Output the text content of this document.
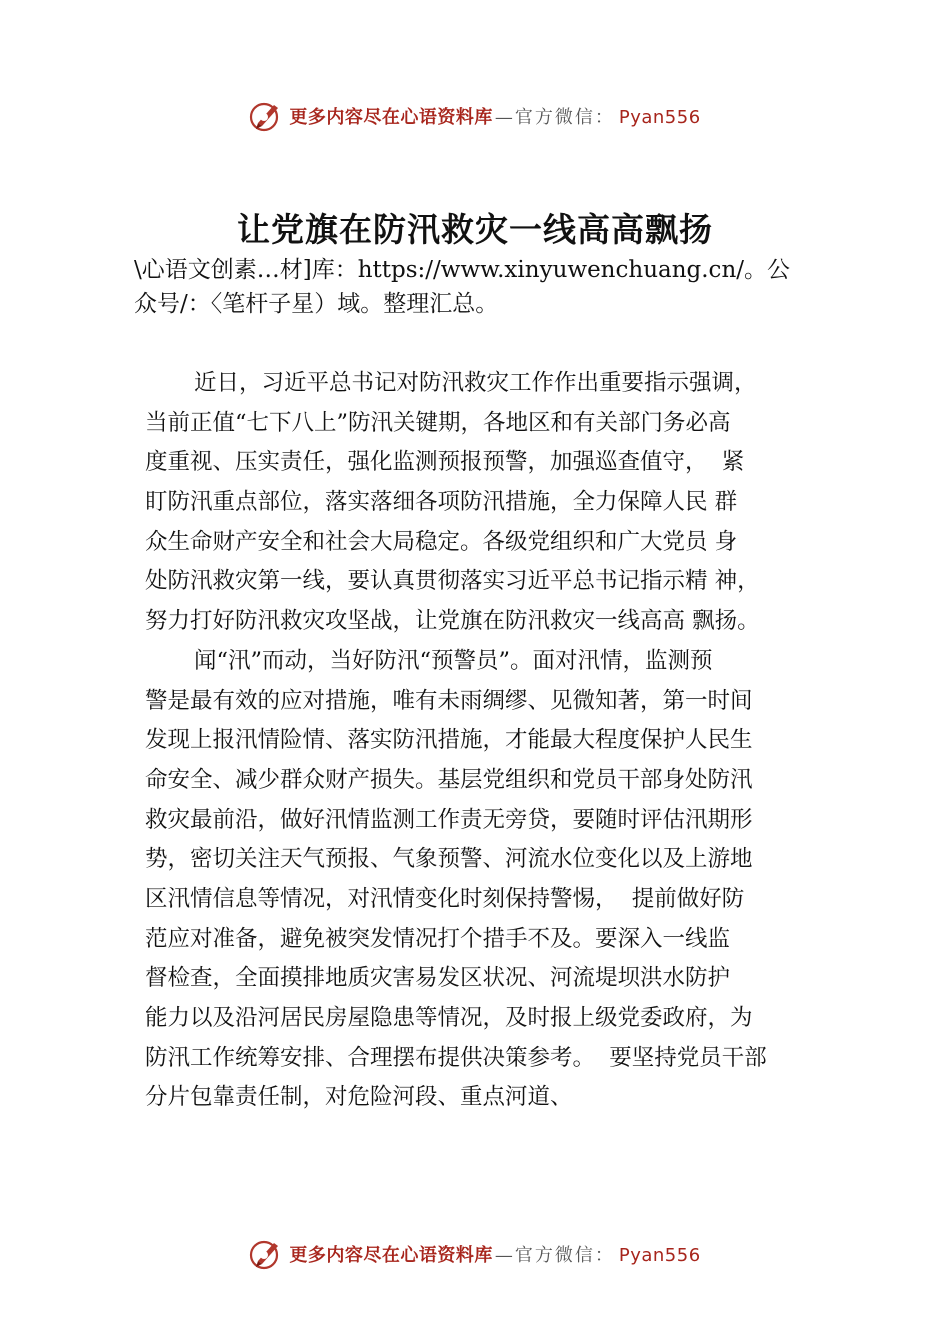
更多内容尽在心语资料库 —官方微信： Pyan556
让党旗在防汛救灾一线高高飘扬
\心语文创素…材]库：https://www.xinyuwenchuang.cn/。公
众号/：〈笔杆子星）域。整理汇总。
近日，习近平总书记对防汛救灾工作作出重要指示强调，
当前正值“七下八上”防汛关键期，各地区和有关部门务必高
度重视、压实责任，强化监测预报预警，加强巡查值守，  紧
盯防汛重点部位，落实落细各项防汛措施，全力保障人民 群
众生命财产安全和社会大局稳定。各级党组织和广大党员 身
处防汛救灾第一线，要认真贯彻落实习近平总书记指示精 神，
努力打好防汛救灾攻坚战，让党旗在防汛救灾一线高高 飘扬。
闻“汛”而动，当好防汛“预警员”。面对汛情，监测预
警是最有效的应对措施，唯有未雨绸缪、见微知著，第一时间
发现上报汛情险情、落实防汛措施，才能最大程度保护人民生
命安全、减少群众财产损失。基层党组织和党员干部身处防汛
救灾最前沿，做好汛情监测工作责无旁贷，要随时评估汛期形
势，密切关注天气预报、气象预警、河流水位变化以及上游地
区汛情信息等情况，对汛情变化时刻保持警惕，  提前做好防
范应对准备，避免被突发情况打个措手不及。要深入一线监
督检查，全面摸排地质灾害易发区状况、河流堤坝洪水防护
能力以及沿河居民房屋隐患等情况，及时报上级党委政府，为
防汛工作统筹安排、合理摆布提供决策参考。  要坚持党员干部
分片包靠责任制，对危险河段、重点河道、
更多内容尽在心语资料库 —官方微信： Pyan556
